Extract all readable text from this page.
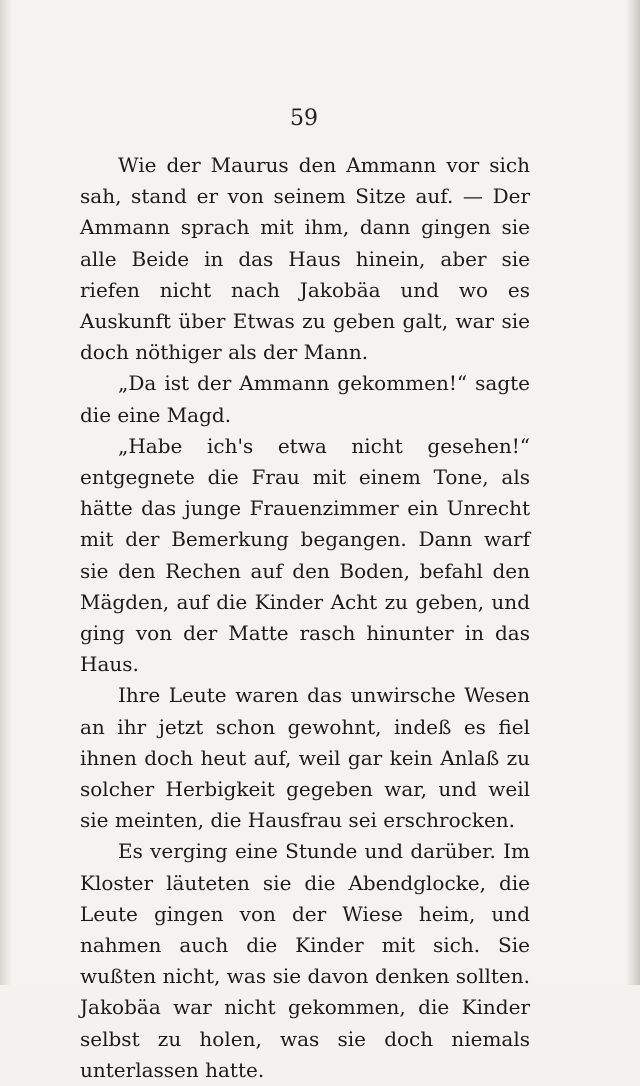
59

Wie der Maurus den Ammann vor sich sah, stand er von seinem Sitze auf. — Der Ammann sprach mit ihm, dann gingen sie alle Beide in das Haus hinein, aber sie riefen nicht nach Jakobäa und wo es Auskunft über Etwas zu geben galt, war sie doch nöthiger als der Mann.

„Da ist der Ammann gekommen!“ sagte die eine Magd.

„Habe ich's etwa nicht gesehen!“ entgegnete die Frau mit einem Tone, als hätte das junge Frauenzimmer ein Unrecht mit der Bemerkung begangen. Dann warf sie den Rechen auf den Boden, befahl den Mägden, auf die Kinder Acht zu geben, und ging von der Matte rasch hinunter in das Haus.

Ihre Leute waren das unwirsche Wesen an ihr jetzt schon gewohnt, indeß es fiel ihnen doch heut auf, weil gar kein Anlaß zu solcher Herbigkeit gegeben war, und weil sie meinten, die Hausfrau sei erschrocken.

Es verging eine Stunde und darüber. Im Kloster läuteten sie die Abendglocke, die Leute gingen von der Wiese heim, und nahmen auch die Kinder mit sich. Sie wußten nicht, was sie davon denken sollten. Jakobäa war nicht gekommen, die Kinder selbst zu holen, was sie doch niemals unterlassen hatte.
